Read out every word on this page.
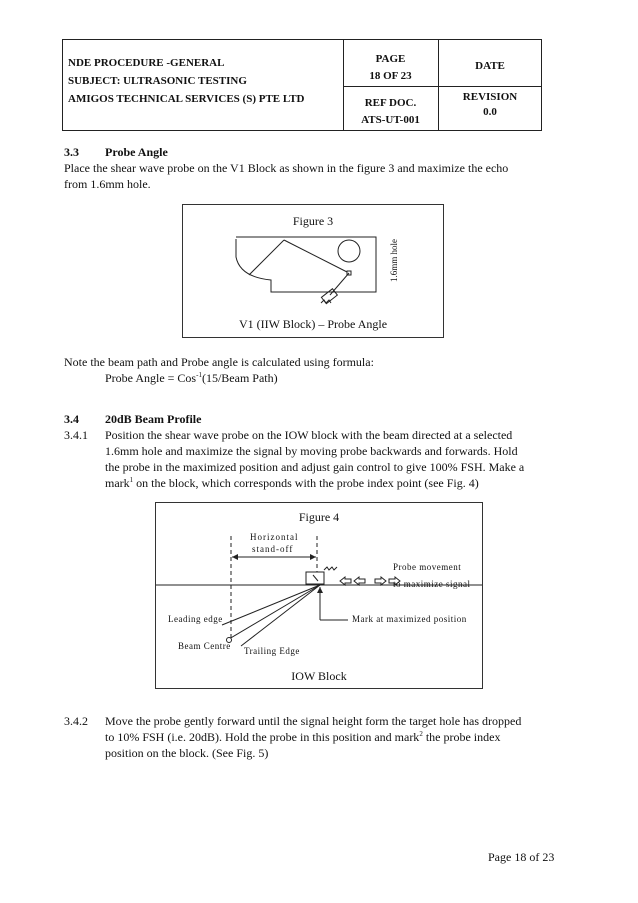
NDE PROCEDURE -GENERAL
SUBJECT: ULTRASONIC TESTING
AMIGOS TECHNICAL SERVICES (S) PTE LTD
PAGE
18 OF 23
DATE
REF DOC.
ATS-UT-001
REVISION
0.0
3.3 Probe Angle

Place the shear wave probe on the V1 Block as shown in the figure 3 and maximize the echo

from 1.6mm hole.

Figure 3
1.6mm hole
V1 (IIW Block) – Probe Angle

Note the beam path and Probe angle is calculated using formula:

Probe Angle = Cos$^{-1}$(15/Beam Path)

3.4 20dB Beam Profile
3.4.1 Position the shear wave probe on the IOW block with the beam directed at a selected

1.6mm hole and maximize the signal by moving probe backwards and forwards. Hold

the probe in the maximized position and adjust gain control to give 100% FSH. Make a

mark$^1$ on the block, which corresponds with the probe index point (see Fig. 4)

Figure 4
Horizontal
stand-off
Probe movement
to maximize signal
Leading edge	Mark at maximized position
Beam Centre Trailing Edge
IOW Block
3.4.2 Move the probe gently forward until the signal height form the target hole has dropped

to 10% FSH (i.e. 20dB). Hold the probe in this position and mark$^2$ the probe index

position on the block. (See Fig. 5)

Page 18 of 23
